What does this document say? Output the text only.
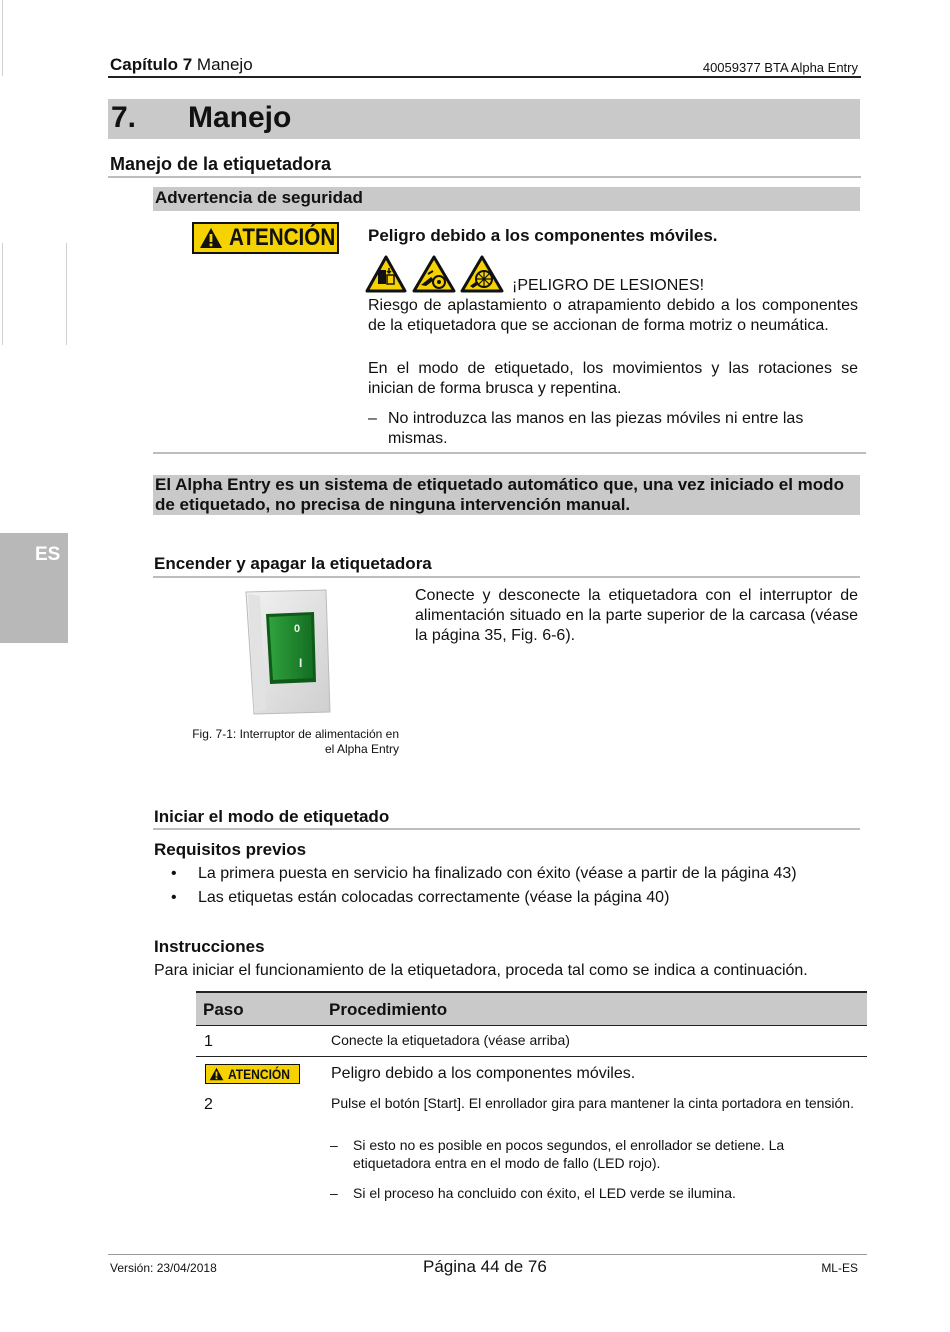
ES
Capítulo 7 Manejo	40059377 BTA Alpha Entry
7. Manejo
Manejo de la etiquetadora
Advertencia de seguridad
ATENCIÓN Peligro debido a los componentes móviles.
¡PELIGRO DE LESIONES!
Riesgo de aplastamiento o atrapamiento debido a los componentes de la etiquetadora que se accionan de forma motriz o neumática.
En el modo de etiquetado, los movimientos y las rotaciones se inician de forma brusca y repentina.
– No introduzca las manos en las piezas móviles ni entre las mismas.
El Alpha Entry es un sistema de etiquetado automático que, una vez iniciado el modo de etiquetado, no precisa de ninguna intervención manual.
Encender y apagar la etiquetadora
0
I
Conecte y desconecte la etiquetadora con el interruptor de alimentación situado en la parte superior de la carcasa (véase la página 35, Fig. 6-6).
Fig. 7-1: Interruptor de alimentación en
el Alpha Entry
Iniciar el modo de etiquetado
Requisitos previos
• La primera puesta en servicio ha finalizado con éxito (véase a partir de la página 43)
• Las etiquetas están colocadas correctamente (véase la página 40)
Instrucciones
Para iniciar el funcionamiento de la etiquetadora, proceda tal como se indica a continuación.
Paso	Procedimiento
1	Conecte la etiquetadora (véase arriba)
ATENCIÓN	Peligro debido a los componentes móviles.
2	Pulse el botón [Start]. El enrollador gira para mantener la cinta portadora en tensión.
– Si esto no es posible en pocos segundos, el enrollador se detiene. La etiquetadora entra en el modo de fallo (LED rojo).
– Si el proceso ha concluido con éxito, el LED verde se ilumina.
Versión: 23/04/2018	Página 44 de 76	ML-ES
